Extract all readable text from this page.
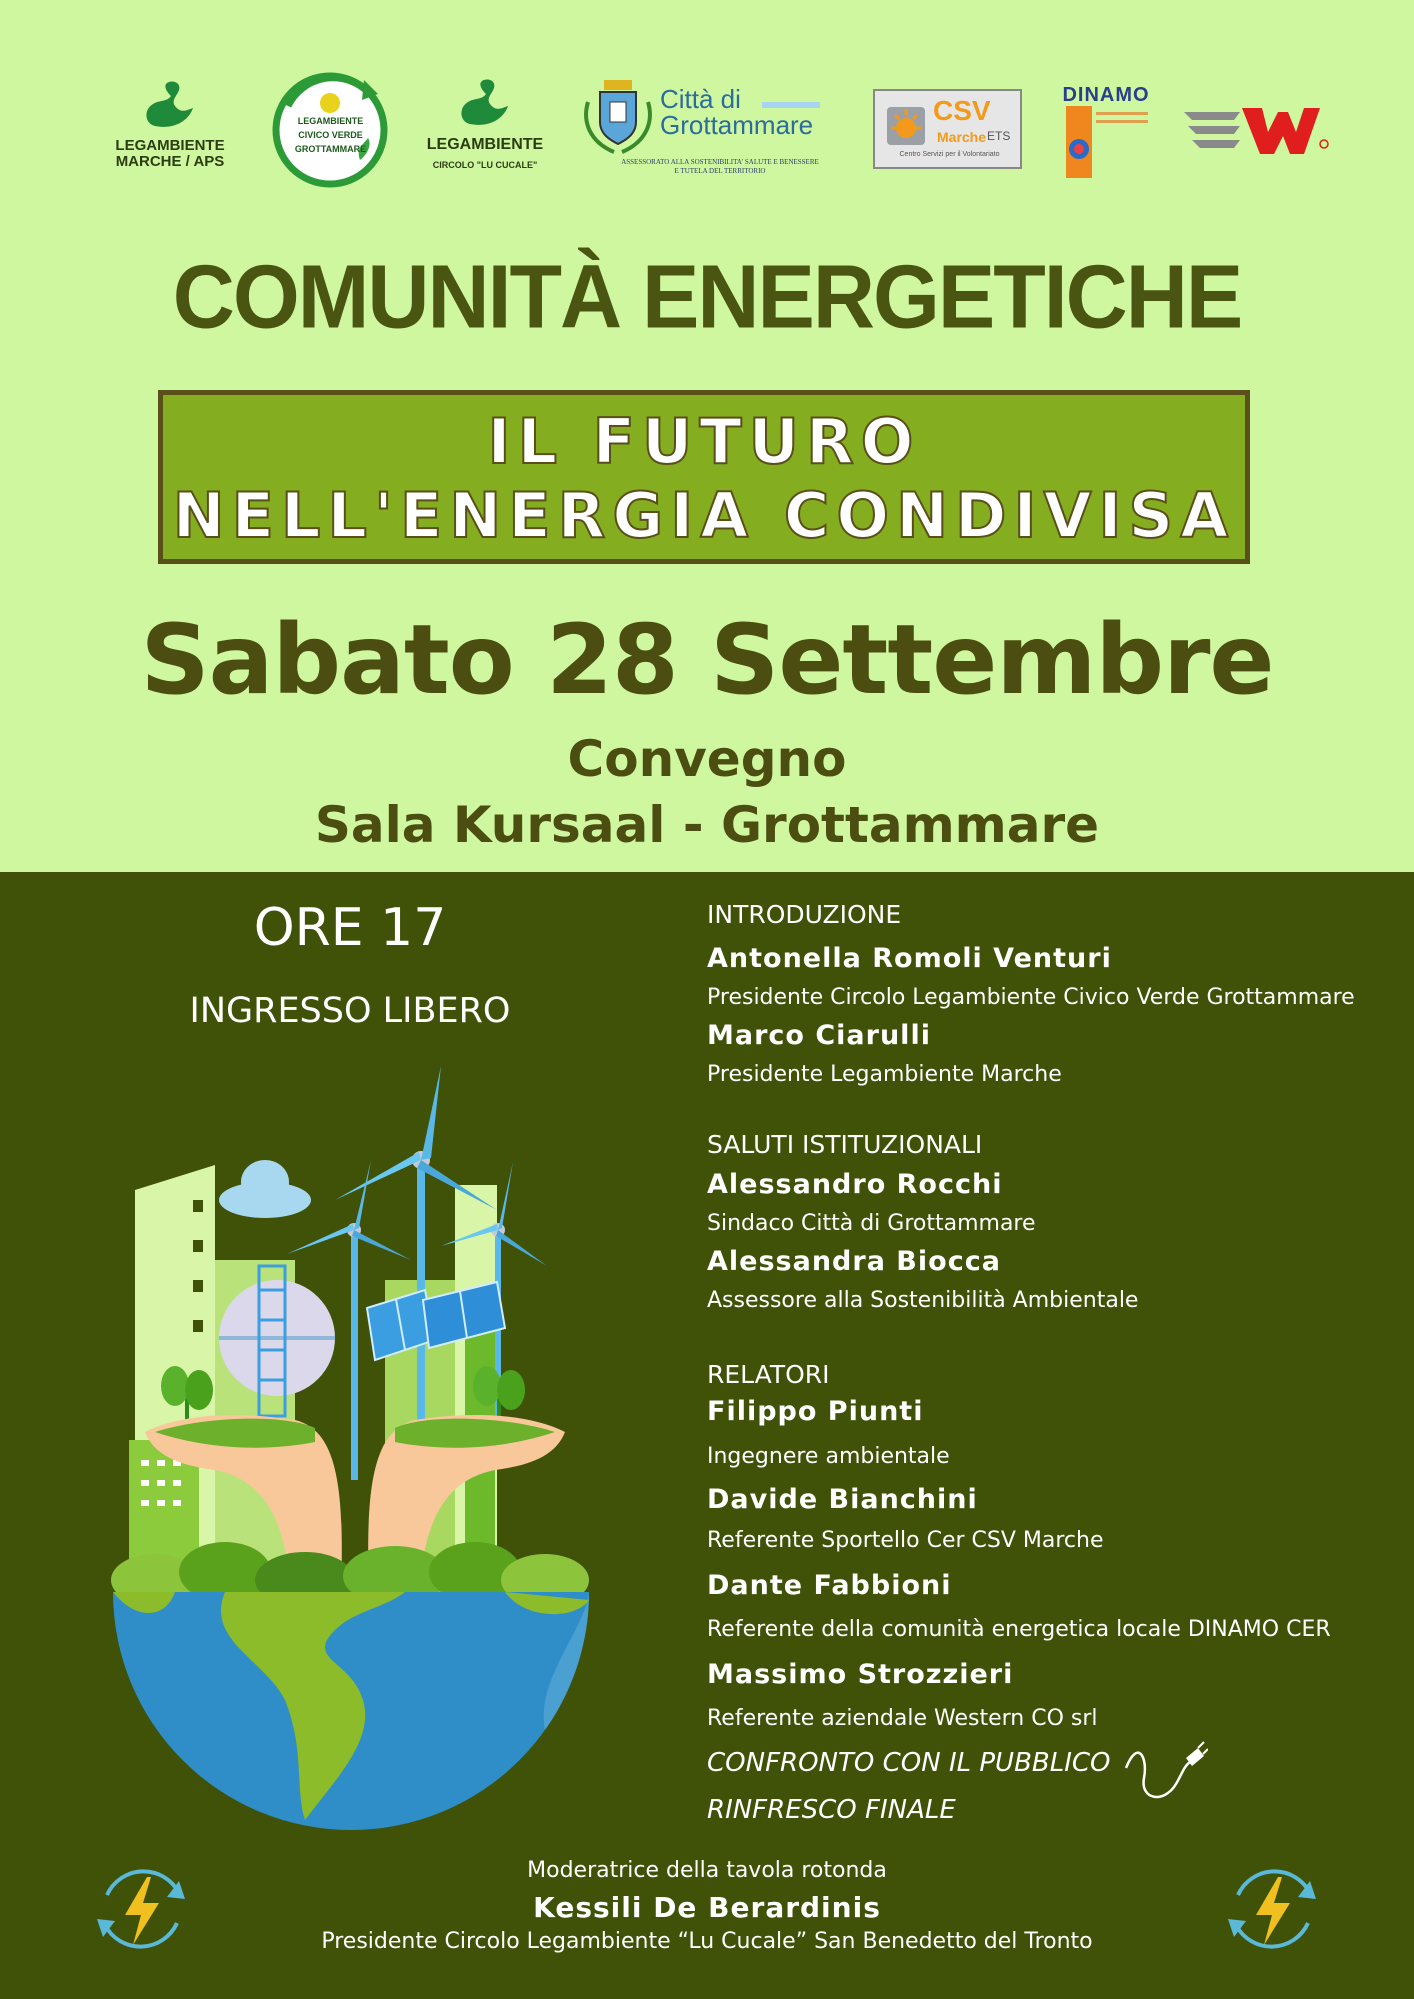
LEGAMBIENTE
MARCHE / APS
LEGAMBIENTE
CIVICO VERDE
GROTTAMMARE	LEGAMBIENTE
CIRCOLO "LU CUCALE"
Città di
Grottammare
ASSESSORATO ALLA SOSTENIBILITA' SALUTE E BENESSERE
E TUTELA DEL TERRITORIO
CSV
Marche ETS
Centro Servizi per il Volontariato
DINAMO
COMUNITÀ ENERGETICHE
IL FUTURO
NELL'ENERGIA CONDIVISA
Sabato 28 Settembre
Convegno
Sala Kursaal - Grottammare
ORE 17
INGRESSO LIBERO
INTRODUZIONE
Antonella Romoli Venturi
Presidente Circolo Legambiente Civico Verde Grottammare
Marco Ciarulli
Presidente Legambiente Marche
SALUTI ISTITUZIONALI
Alessandro Rocchi
Sindaco Città di Grottammare
Alessandra Biocca
Assessore alla Sostenibilità Ambientale
RELATORI
Filippo Piunti
Ingegnere ambientale
Davide Bianchini
Referente Sportello Cer CSV Marche
Dante Fabbioni
Referente della comunità energetica locale DINAMO CER
Massimo Strozzieri
Referente aziendale Western CO srl
CONFRONTO CON IL PUBBLICO
RINFRESCO FINALE
Moderatrice della tavola rotonda
Kessili De Berardinis
Presidente Circolo Legambiente “Lu Cucale” San Benedetto del Tronto
